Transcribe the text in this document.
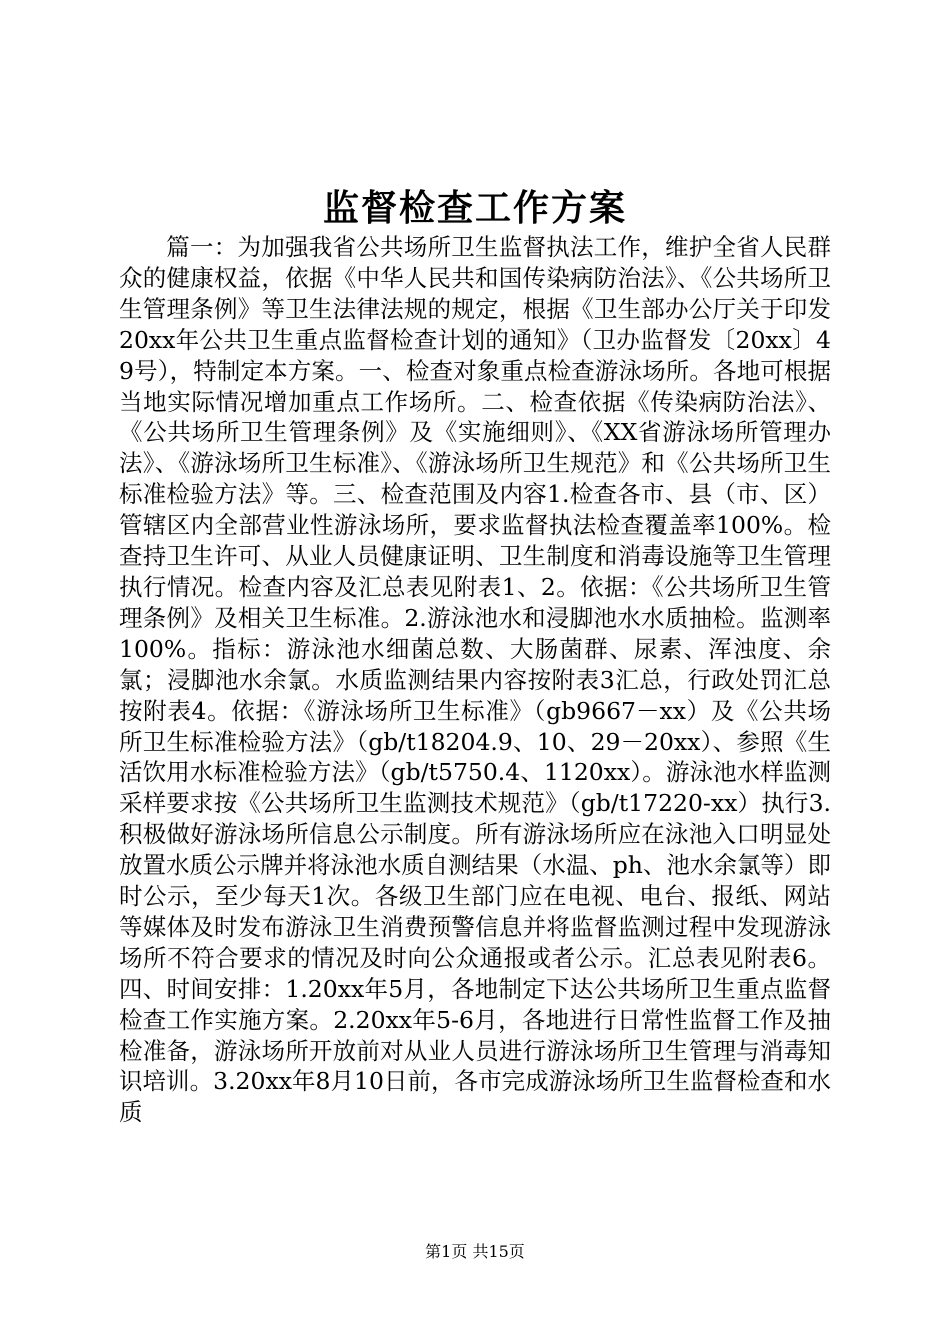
监督检查工作方案

篇一：为加强我省公共场所卫生监督执法工作，维护全省人民群众的健康权益，依据《中华人民共和国传染病防治法》、《公共场所卫生管理条例》等卫生法律法规的规定，根据《卫生部办公厅关于印发20xx年公共卫生重点监督检查计划的通知》（卫办监督发〔20xx〕49号），特制定本方案。一、检查对象重点检查游泳场所。各地可根据当地实际情况增加重点工作场所。二、检查依据《传染病防治法》、《公共场所卫生管理条例》及《实施细则》、《XX省游泳场所管理办法》、《游泳场所卫生标准》、《游泳场所卫生规范》和《公共场所卫生标准检验方法》等。三、检查范围及内容1.检查各市、县（市、区）管辖区内全部营业性游泳场所，要求监督执法检查覆盖率100%。检查持卫生许可、从业人员健康证明、卫生制度和消毒设施等卫生管理执行情况。检查内容及汇总表见附表1、2。依据：《公共场所卫生管理条例》及相关卫生标准。2.游泳池水和浸脚池水水质抽检。监测率100%。指标：游泳池水细菌总数、大肠菌群、尿素、浑浊度、余氯；浸脚池水余氯。水质监测结果内容按附表3汇总，行政处罚汇总按附表4。依据：《游泳场所卫生标准》（gb9667－xx）及《公共场所卫生标准检验方法》（gb/t18204.9、10、29－20xx）、参照《生活饮用水标准检验方法》（gb/t5750.4、1120xx）。游泳池水样监测采样要求按《公共场所卫生监测技术规范》（gb/t17220-xx）执行3.积极做好游泳场所信息公示制度。所有游泳场所应在泳池入口明显处放置水质公示牌并将泳池水质自测结果（水温、ph、池水余氯等）即时公示，至少每天1次。各级卫生部门应在电视、电台、报纸、网站等媒体及时发布游泳卫生消费预警信息并将监督监测过程中发现游泳场所不符合要求的情况及时向公众通报或者公示。汇总表见附表6。四、时间安排：1.20xx年5月，各地制定下达公共场所卫生重点监督检查工作实施方案。2.20xx年5-6月，各地进行日常性监督工作及抽检准备，游泳场所开放前对从业人员进行游泳场所卫生管理与消毒知识培训。3.20xx年8月10日前，各市完成游泳场所卫生监督检查和水质

第1页 共15页
